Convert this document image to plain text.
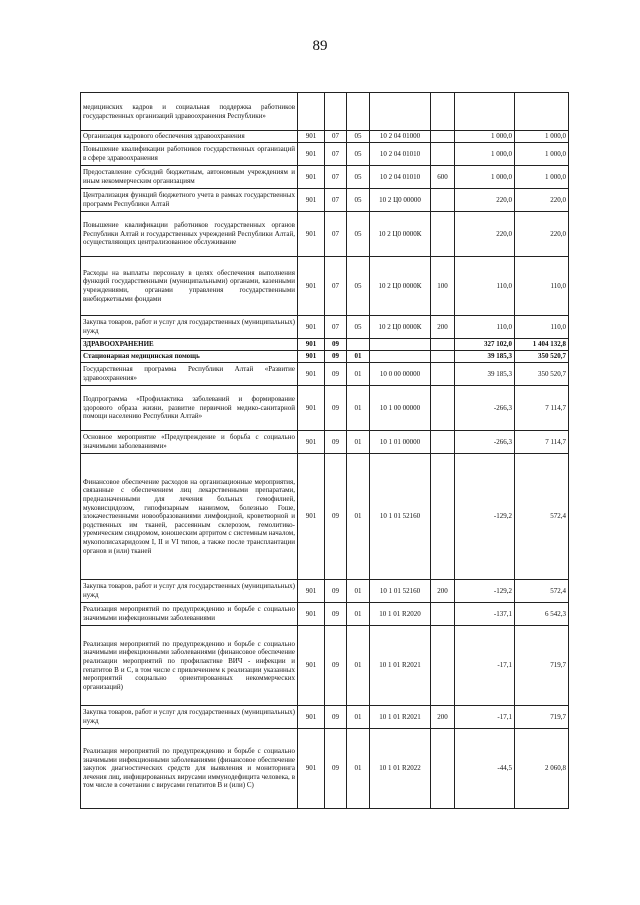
89
медицинских кадров и социальная поддержка работников государственных организаций здравоохранения Республики»							
Организация кадрового обеспечения здравоохранения	901	07	05	10 2 04 01000		1 000,0	1 000,0
Повышение квалификации работников государственных организаций в сфере здравоохранения	901	07	05	10 2 04 01010		1 000,0	1 000,0
Предоставление субсидий бюджетным, автономным учреждениям и иным некоммерческим организациям	901	07	05	10 2 04 01010	600	1 000,0	1 000,0
Централизация функций бюджетного учета в рамках государственных программ Республики Алтай	901	07	05	10 2 Ц0 00000		220,0	220,0
Повышение квалификации работников государственных органов Республики Алтай и государственных учреждений Республики Алтай, осуществляющих централизованное обслуживание	901	07	05	10 2 Ц0 0000К		220,0	220,0
Расходы на выплаты персоналу в целях обеспечения выполнения функций государственными (муниципальными) органами, казенными учреждениями, органами управления государственными внебюджетными фондами	901	07	05	10 2 Ц0 0000К	100	110,0	110,0
Закупка товаров, работ и услуг для государственных (муниципальных) нужд	901	07	05	10 2 Ц0 0000К	200	110,0	110,0
ЗДРАВООХРАНЕНИЕ	901	09				327 102,0	1 404 132,8
Стационарная медицинская помощь	901	09	01			39 185,3	350 520,7
Государственная программа Республики Алтай «Развитие здравоохранения»	901	09	01	10 0 00 00000		39 185,3	350 520,7
Подпрограмма «Профилактика заболеваний и формирование здорового образа жизни, развитие первичной медико-санитарной помощи населению Республики Алтай»	901	09	01	10 1 00 00000		-266,3	7 114,7
Основное мероприятие «Предупреждение и борьба с социально значимыми заболеваниями»	901	09	01	10 1 01 00000		-266,3	7 114,7
Финансовое обеспечение расходов на организационные мероприятия, связанные с обеспечением лиц лекарственными препаратами, предназначенными для лечения больных гемофилией, муковисцидозом, гипофизарным нанизмом, болезнью Гоше, злокачественными новообразованиями лимфоидной, кроветворной и родственных им тканей, рассеянным склерозом, гемолитико-уремическим синдромом, юношеским артритом с системным началом, мукополисахаридозом I, II и VI типов, а также после трансплантации органов и (или) тканей	901	09	01	10 1 01 52160		-129,2	572,4
Закупка товаров, работ и услуг для государственных (муниципальных) нужд	901	09	01	10 1 01 52160	200	-129,2	572,4
Реализация мероприятий по предупреждению и борьбе с социально значимыми инфекционными заболеваниями	901	09	01	10 1 01 R2020		-137,1	6 542,3
Реализация мероприятий по предупреждению и борьбе с социально значимыми инфекционными заболеваниями (финансовое обеспечение реализации мероприятий по профилактике ВИЧ - инфекции и гепатитов В и С, в том числе с привлечением к реализации указанных мероприятий социально ориентированных некоммерческих организаций)	901	09	01	10 1 01 R2021		-17,1	719,7
Закупка товаров, работ и услуг для государственных (муниципальных) нужд	901	09	01	10 1 01 R2021	200	-17,1	719,7
Реализация мероприятий по предупреждению и борьбе с социально значимыми инфекционными заболеваниями (финансовое обеспечение закупок диагностических средств для выявления и мониторинга лечения лиц, инфицированных вирусами иммунодефицита человека, в том числе в сочетании с вирусами гепатитов В и (или) С)	901	09	01	10 1 01 R2022		-44,5	2 060,8
